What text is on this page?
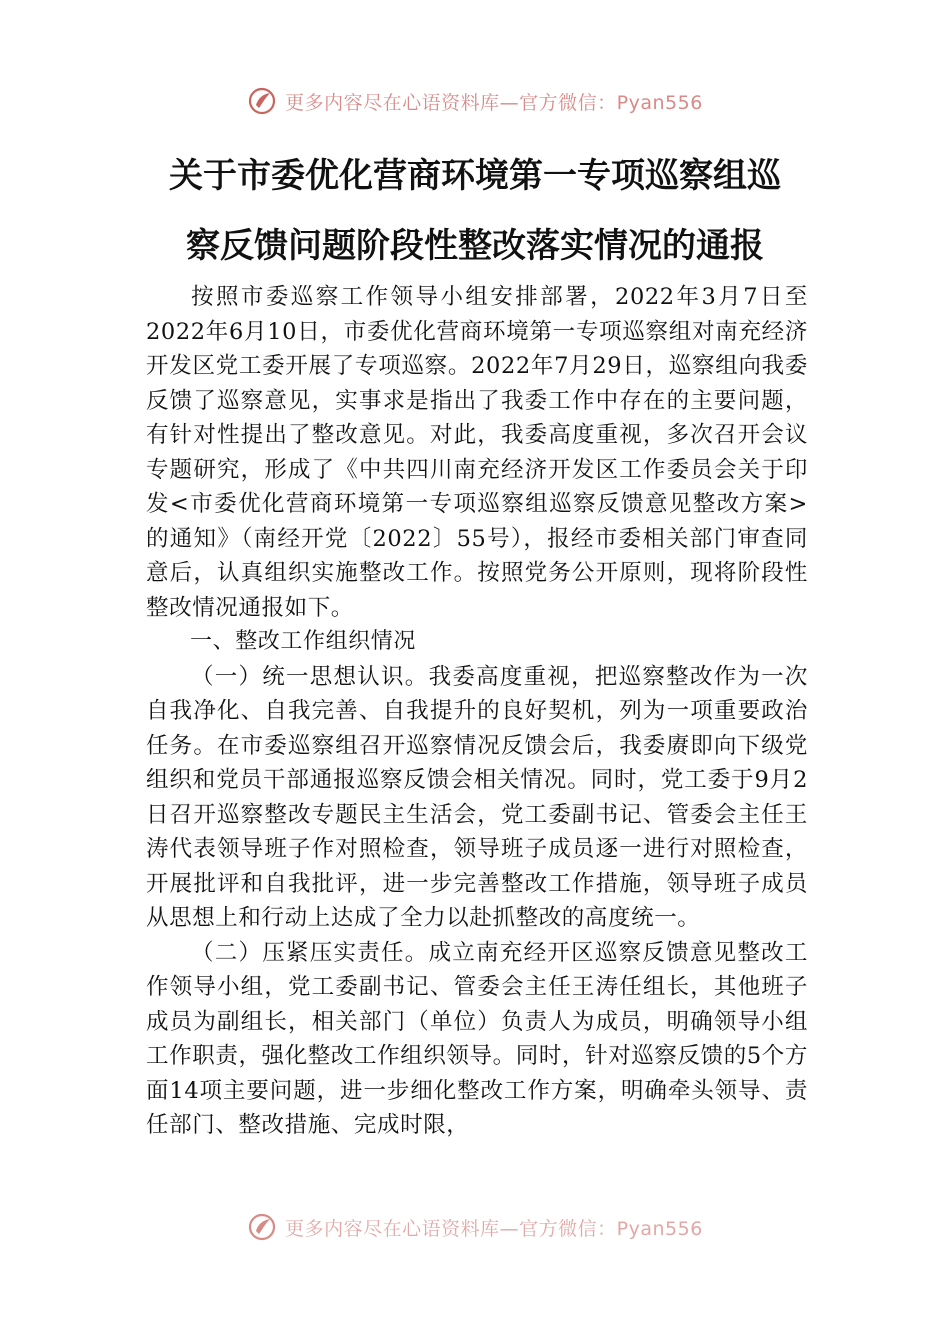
更多内容尽在心语资料库—官方微信：Pyan556
关于市委优化营商环境第一专项巡察组巡
察反馈问题阶段性整改落实情况的通报

按照市委巡察工作领导小组安排部署，2022年3月7日至2022年6月10日，市委优化营商环境第一专项巡察组对南充经济开发区党工委开展了专项巡察。2022年7月29日，巡察组向我委反馈了巡察意见，实事求是指出了我委工作中存在的主要问题，有针对性提出了整改意见。对此，我委高度重视，多次召开会议专题研究，形成了《中共四川南充经济开发区工作委员会关于印发<市委优化营商环境第一专项巡察组巡察反馈意见整改方案>的通知》（南经开党〔2022〕55号），报经市委相关部门审查同意后，认真组织实施整改工作。按照党务公开原则，现将阶段性整改情况通报如下。

一、整改工作组织情况

（一）统一思想认识。我委高度重视，把巡察整改作为一次自我净化、自我完善、自我提升的良好契机，列为一项重要政治任务。在市委巡察组召开巡察情况反馈会后，我委赓即向下级党组织和党员干部通报巡察反馈会相关情况。同时，党工委于9月2日召开巡察整改专题民主生活会，党工委副书记、管委会主任王涛代表领导班子作对照检查，领导班子成员逐一进行对照检查，开展批评和自我批评，进一步完善整改工作措施，领导班子成员从思想上和行动上达成了全力以赴抓整改的高度统一。

（二）压紧压实责任。成立南充经开区巡察反馈意见整改工作领导小组，党工委副书记、管委会主任王涛任组长，其他班子成员为副组长，相关部门（单位）负责人为成员，明确领导小组工作职责，强化整改工作组织领导。同时，针对巡察反馈的5个方面14项主要问题，进一步细化整改工作方案，明确牵头领导、责任部门、整改措施、完成时限，

更多内容尽在心语资料库—官方微信：Pyan556
